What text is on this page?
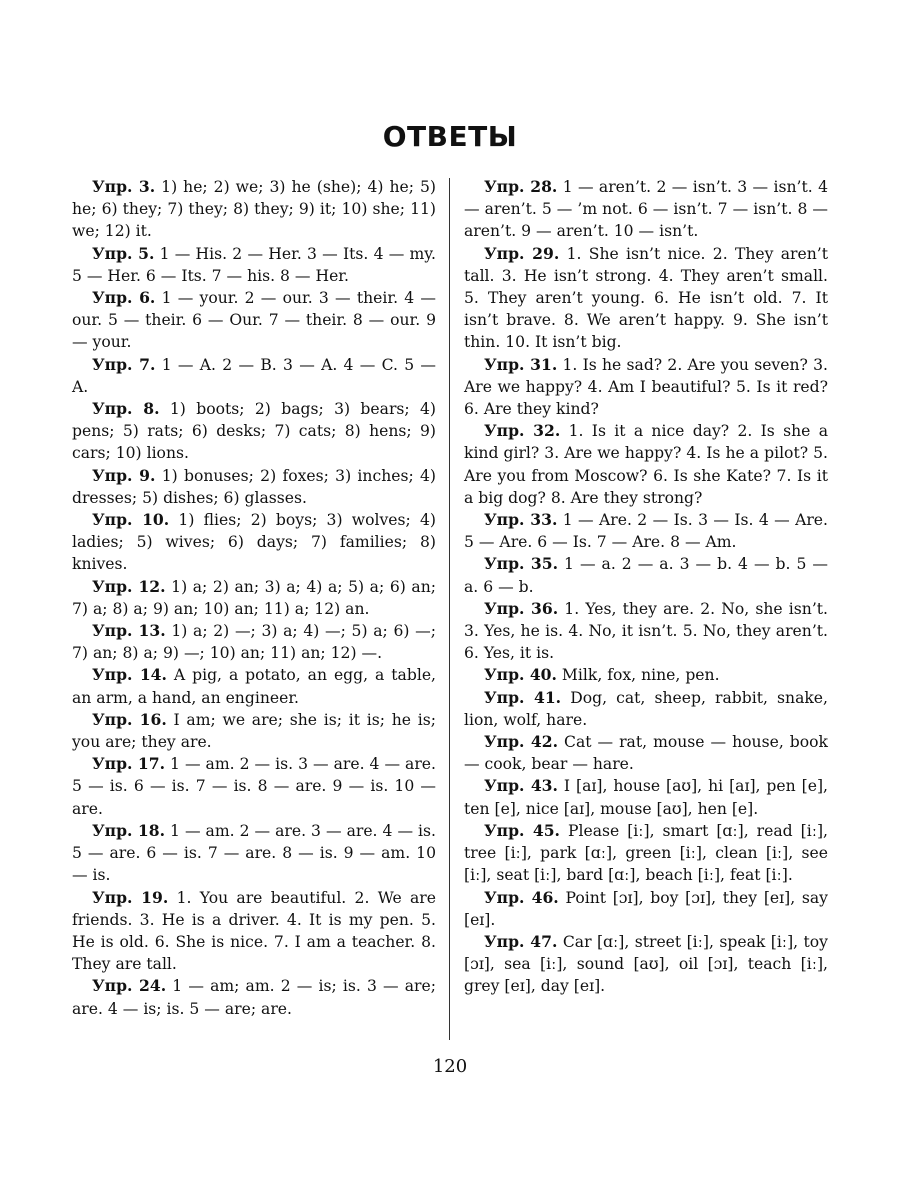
ОТВЕТЫ

Упр. 3. 1) he; 2) we; 3) he (she); 4) he; 5) he; 6) they; 7) they; 8) they; 9) it; 10) she; 11) we; 12) it.

Упр. 5. 1 — His. 2 — Her. 3 — Its. 4 — my. 5 — Her. 6 — Its. 7 — his. 8 — Her.

Упр. 6. 1 — your. 2 — our. 3 — their. 4 — our. 5 — their. 6 — Our. 7 — their. 8 — our. 9 — your.

Упр. 7. 1 — A. 2 — B. 3 — A. 4 — C. 5 — A.

Упр. 8. 1) boots; 2) bags; 3) bears; 4) pens; 5) rats; 6) desks; 7) cats; 8) hens; 9) cars; 10) lions.

Упр. 9. 1) bonuses; 2) foxes; 3) inches; 4) dresses; 5) dishes; 6) glasses.

Упр. 10. 1) flies; 2) boys; 3) wolves; 4) ladies; 5) wives; 6) days; 7) families; 8) knives.

Упр. 12. 1) a; 2) an; 3) a; 4) a; 5) a; 6) an; 7) a; 8) a; 9) an; 10) an; 11) a; 12) an.

Упр. 13. 1) a; 2) —; 3) a; 4) —; 5) a; 6) —; 7) an; 8) a; 9) —; 10) an; 11) an; 12) —.

Упр. 14. A pig, a potato, an egg, a table, an arm, a hand, an engineer.

Упр. 16. I am; we are; she is; it is; he is; you are; they are.

Упр. 17. 1 — am. 2 — is. 3 — are. 4 — are. 5 — is. 6 — is. 7 — is. 8 — are. 9 — is. 10 — are.

Упр. 18. 1 — am. 2 — are. 3 — are. 4 — is. 5 — are. 6 — is. 7 — are. 8 — is. 9 — am. 10 — is.

Упр. 19. 1. You are beautiful. 2. We are friends. 3. He is a driver. 4. It is my pen. 5. He is old. 6. She is nice. 7. I am a teacher. 8. They are tall.

Упр. 24. 1 — am; am. 2 — is; is. 3 — are; are. 4 — is; is. 5 — are; are.

Упр. 28. 1 — aren’t. 2 — isn’t. 3 — isn’t. 4 — aren’t. 5 — ’m not. 6 — isn’t. 7 — isn’t. 8 — aren’t. 9 — aren’t. 10 — isn’t.

Упр. 29. 1. She isn’t nice. 2. They aren’t tall. 3. He isn’t strong. 4. They aren’t small. 5. They aren’t young. 6. He isn’t old. 7. It isn’t brave. 8. We aren’t happy. 9. She isn’t thin. 10. It isn’t big.

Упр. 31. 1. Is he sad? 2. Are you seven? 3. Are we happy? 4. Am I beautiful? 5. Is it red? 6. Are they kind?

Упр. 32. 1. Is it a nice day? 2. Is she a kind girl? 3. Are we happy? 4. Is he a pilot? 5. Are you from Moscow? 6. Is she Kate? 7. Is it a big dog? 8. Are they strong?

Упр. 33. 1 — Are. 2 — Is. 3 — Is. 4 — Are. 5 — Are. 6 — Is. 7 — Are. 8 — Am.

Упр. 35. 1 — a. 2 — a. 3 — b. 4 — b. 5 — a. 6 — b.

Упр. 36. 1. Yes, they are. 2. No, she isn’t. 3. Yes, he is. 4. No, it isn’t. 5. No, they aren’t. 6. Yes, it is.

Упр. 40. Milk, fox, nine, pen.

Упр. 41. Dog, cat, sheep, rabbit, snake, lion, wolf, hare.

Упр. 42. Cat — rat, mouse — house, book — cook, bear — hare.

Упр. 43. I [aɪ], house [aʊ], hi [aɪ], pen [e], ten [e], nice [aɪ], mouse [aʊ], hen [e].

Упр. 45. Please [iː], smart [ɑː], read [iː], tree [iː], park [ɑː], green [iː], clean [iː], see [iː], seat [iː], bard [ɑː], beach [iː], feat [iː].

Упр. 46. Point [ɔɪ], boy [ɔɪ], they [eɪ], say [eɪ].

Упр. 47. Car [ɑː], street [iː], speak [iː], toy [ɔɪ], sea [iː], sound [aʊ], oil [ɔɪ], teach [iː], grey [eɪ], day [eɪ].

120
